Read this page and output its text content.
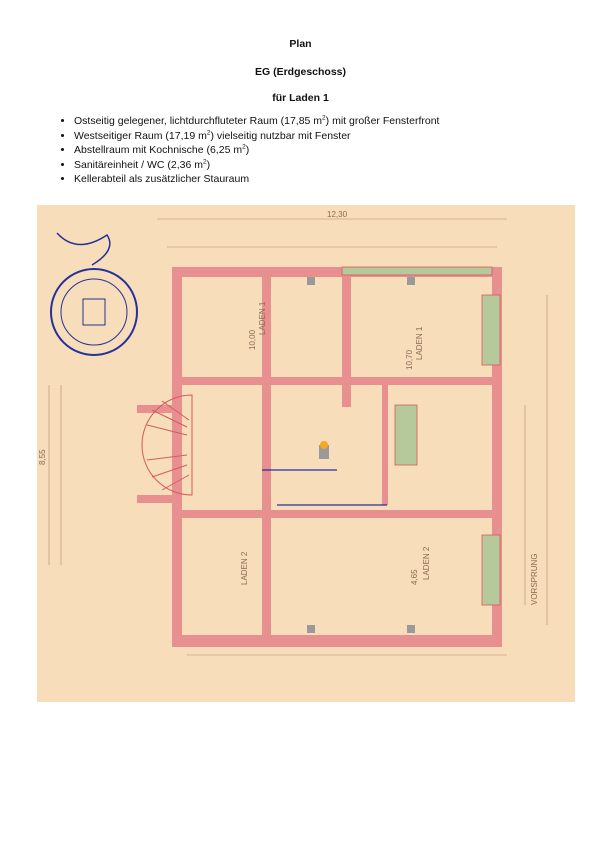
Plan
EG (Erdgeschoss)
für Laden 1
• Ostseitig gelegener, lichtdurchfluteter Raum (17,85 $m^2$) mit großer Fensterfront
• Westseitiger Raum (17,19 $m^2$) vielseitig nutzbar mit Fenster
• Abstellraum mit Kochnische (6,25 $m^2$)
• Sanitäreinheit / WC (2,36 $m^2$)
• Kellerabteil als zusätzlicher Stauraum
LADEN 1
10,00	LADEN 1
10,70
LADEN 2	LADEN 2
4,65
12,30
8,55
VORSPRUNG
